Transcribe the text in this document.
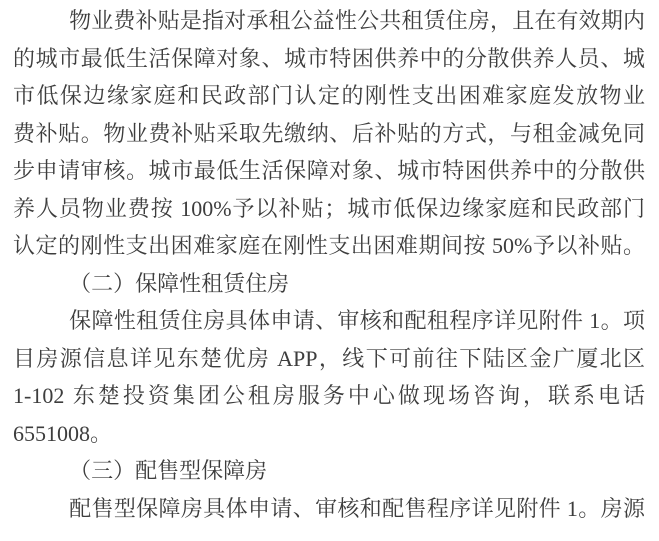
物业费补贴是指对承租公益性公共租赁住房，且在有效期内
的城市最低生活保障对象、城市特困供养中的分散供养人员、城
市低保边缘家庭和民政部门认定的刚性支出困难家庭发放物业
费补贴。物业费补贴采取先缴纳、后补贴的方式，与租金减免同
步申请审核。城市最低生活保障对象、城市特困供养中的分散供
养人员物业费按 100%予以补贴；城市低保边缘家庭和民政部门
认定的刚性支出困难家庭在刚性支出困难期间按 50%予以补贴。
（二）保障性租赁住房
保障性租赁住房具体申请、审核和配租程序详见附件 1。项
目房源信息详见东楚优房 APP，线下可前往下陆区金广厦北区
1-102 东楚投资集团公租房服务中心做现场咨询，联系电话
6551008。
（三）配售型保障房
配售型保障房具体申请、审核和配售程序详见附件 1。房源
